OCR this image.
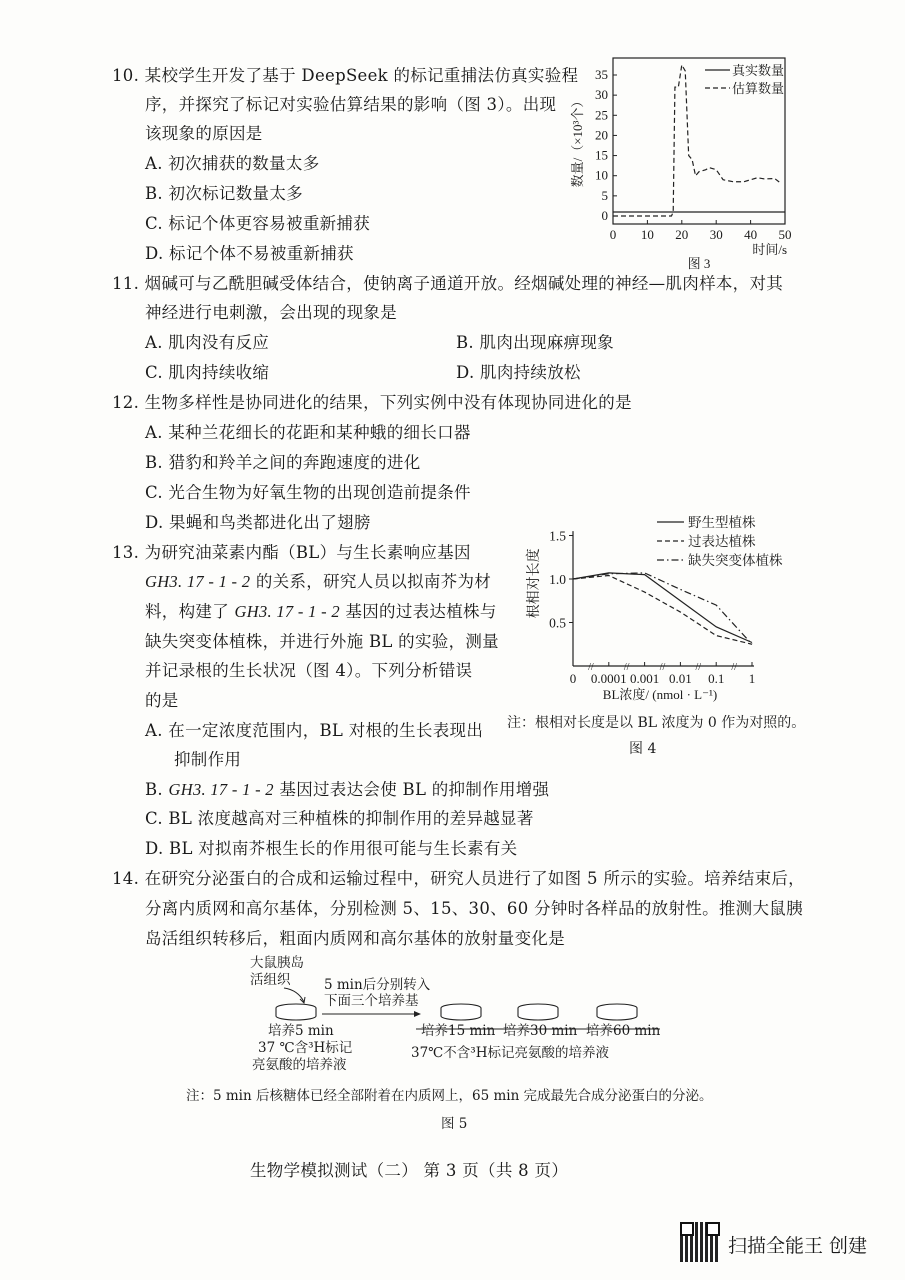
10. 某校学生开发了基于 DeepSeek 的标记重捕法仿真实验程
序，并探究了标记对实验估算结果的影响（图 3）。出现
该现象的原因是
A. 初次捕获的数量太多
B. 初次标记数量太多
C. 标记个体更容易被重新捕获
D. 标记个体不易被重新捕获
0 10 20 30 40 50
0
5
10
15
20
25
30
35
时间/s
数量/（×10³个）
真实数量
估算数量
图 3
11. 烟碱可与乙酰胆碱受体结合，使钠离子通道开放。经烟碱处理的神经—肌肉样本，对其
神经进行电刺激，会出现的现象是
A. 肌肉没有反应	B. 肌肉出现麻痹现象
C. 肌肉持续收缩	D. 肌肉持续放松
12. 生物多样性是协同进化的结果，下列实例中没有体现协同进化的是
A. 某种兰花细长的花距和某种蛾的细长口器
B. 猎豹和羚羊之间的奔跑速度的进化
C. 光合生物为好氧生物的出现创造前提条件
D. 果蝇和鸟类都进化出了翅膀
13. 为研究油菜素内酯（BL）与生长素响应基因
GH3. 17 - 1 - 2 的关系，研究人员以拟南芥为材
料，构建了 GH3. 17 - 1 - 2 基因的过表达植株与
缺失突变体植株，并进行外施 BL 的实验，测量
并记录根的生长状况（图 4）。下列分析错误
的是
A. 在一定浓度范围内，BL 对根的生长表现出
抑制作用
B. GH3. 17 - 1 - 2 基因过表达会使 BL 的抑制作用增强
C. BL 浓度越高对三种植株的抑制作用的差异越显著
D. BL 对拟南芥根生长的作用很可能与生长素有关
0.5
1.0
1.5
0
//
0.0001
//
0.001
//
0.01
//
0.1
//
1
BL浓度/ (nmol · L⁻¹)
根相对长度
野生型植株
过表达植株
缺失突变体植株
注：根相对长度是以 BL 浓度为 0 作为对照的。
图 4
14. 在研究分泌蛋白的合成和运输过程中，研究人员进行了如图 5 所示的实验。培养结束后，
分离内质网和高尔基体，分别检测 5、15、30、60 分钟时各样品的放射性。推测大鼠胰
岛活组织转移后，粗面内质网和高尔基体的放射量变化是
大鼠胰岛
活组织 5 min后分别转入
下面三个培养基
培养5 min
37 ℃含³H标记
亮氨酸的培养液
培养15 min 培养30 min 培养60 min
37℃不含³H标记亮氨酸的培养液
注：5 min 后核糖体已经全部附着在内质网上，65 min 完成最先合成分泌蛋白的分泌。
图 5
生物学模拟测试（二） 第 3 页（共 8 页）
扫描全能王 创建
